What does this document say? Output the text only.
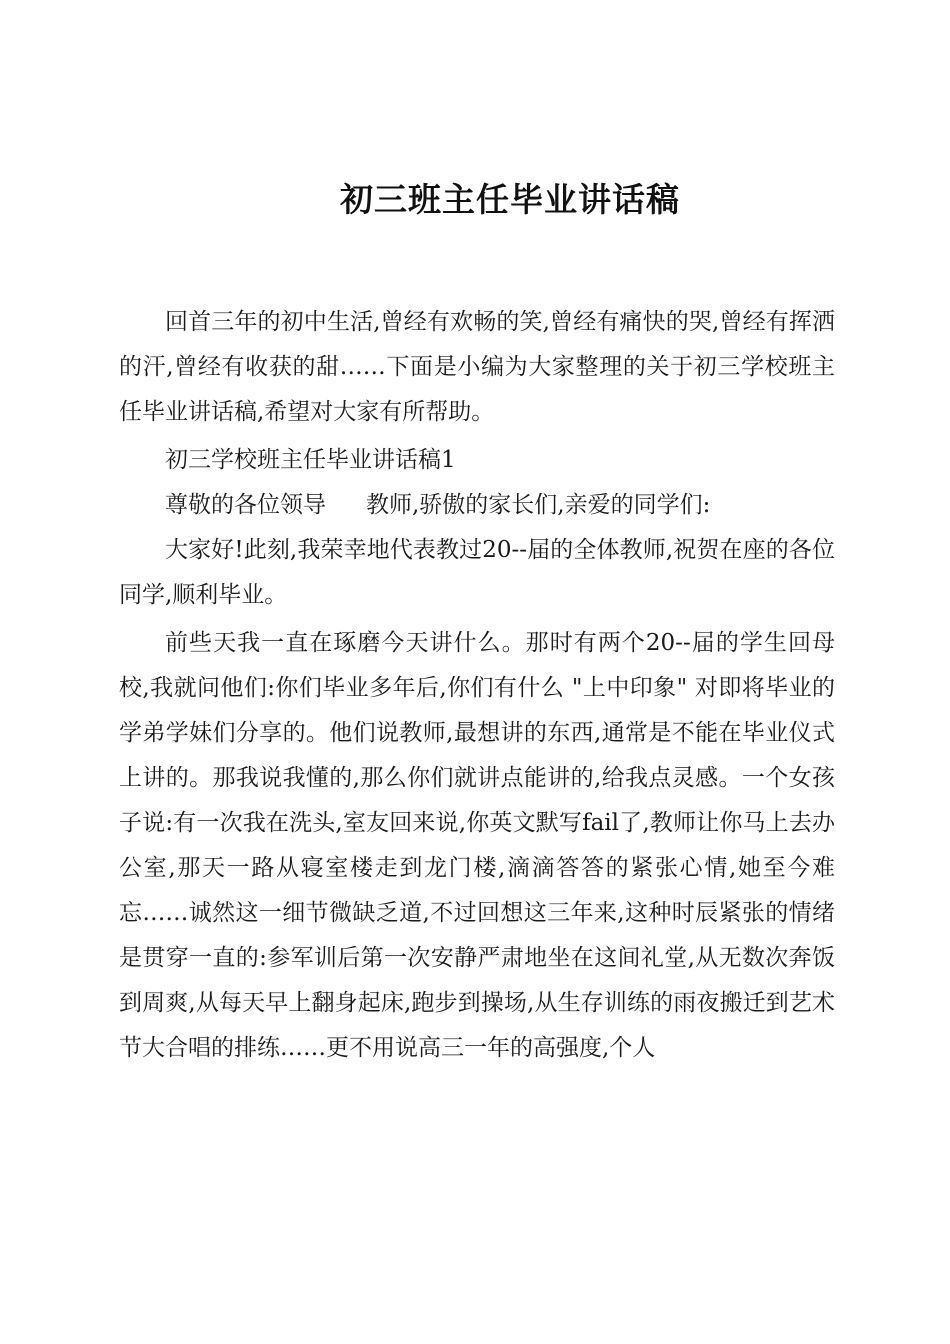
初三班主任毕业讲话稿

回首三年的初中生活,曾经有欢畅的笑,曾经有痛快的哭,曾经有挥洒的汗,曾经有收获的甜……下面是小编为大家整理的关于初三学校班主任毕业讲话稿,希望对大家有所帮助。

初三学校班主任毕业讲话稿1

尊敬的各位领导 教师,骄傲的家长们,亲爱的同学们:

大家好!此刻,我荣幸地代表教过20--届的全体教师,祝贺在座的各位同学,顺利毕业。

前些天我一直在琢磨今天讲什么。那时有两个20--届的学生回母校,我就问他们:你们毕业多年后,你们有什么 "上中印象" 对即将毕业的学弟学妹们分享的。他们说教师,最想讲的东西,通常是不能在毕业仪式上讲的。那我说我懂的,那么你们就讲点能讲的,给我点灵感。一个女孩子说:有一次我在洗头,室友回来说,你英文默写fail了,教师让你马上去办公室,那天一路从寝室楼走到龙门楼,滴滴答答的紧张心情,她至今难忘……诚然这一细节微缺乏道,不过回想这三年来,这种时辰紧张的情绪是贯穿一直的:参军训后第一次安静严肃地坐在这间礼堂,从无数次奔饭到周爽,从每天早上翻身起床,跑步到操场,从生存训练的雨夜搬迁到艺术节大合唱的排练……更不用说高三一年的高强度,个人
